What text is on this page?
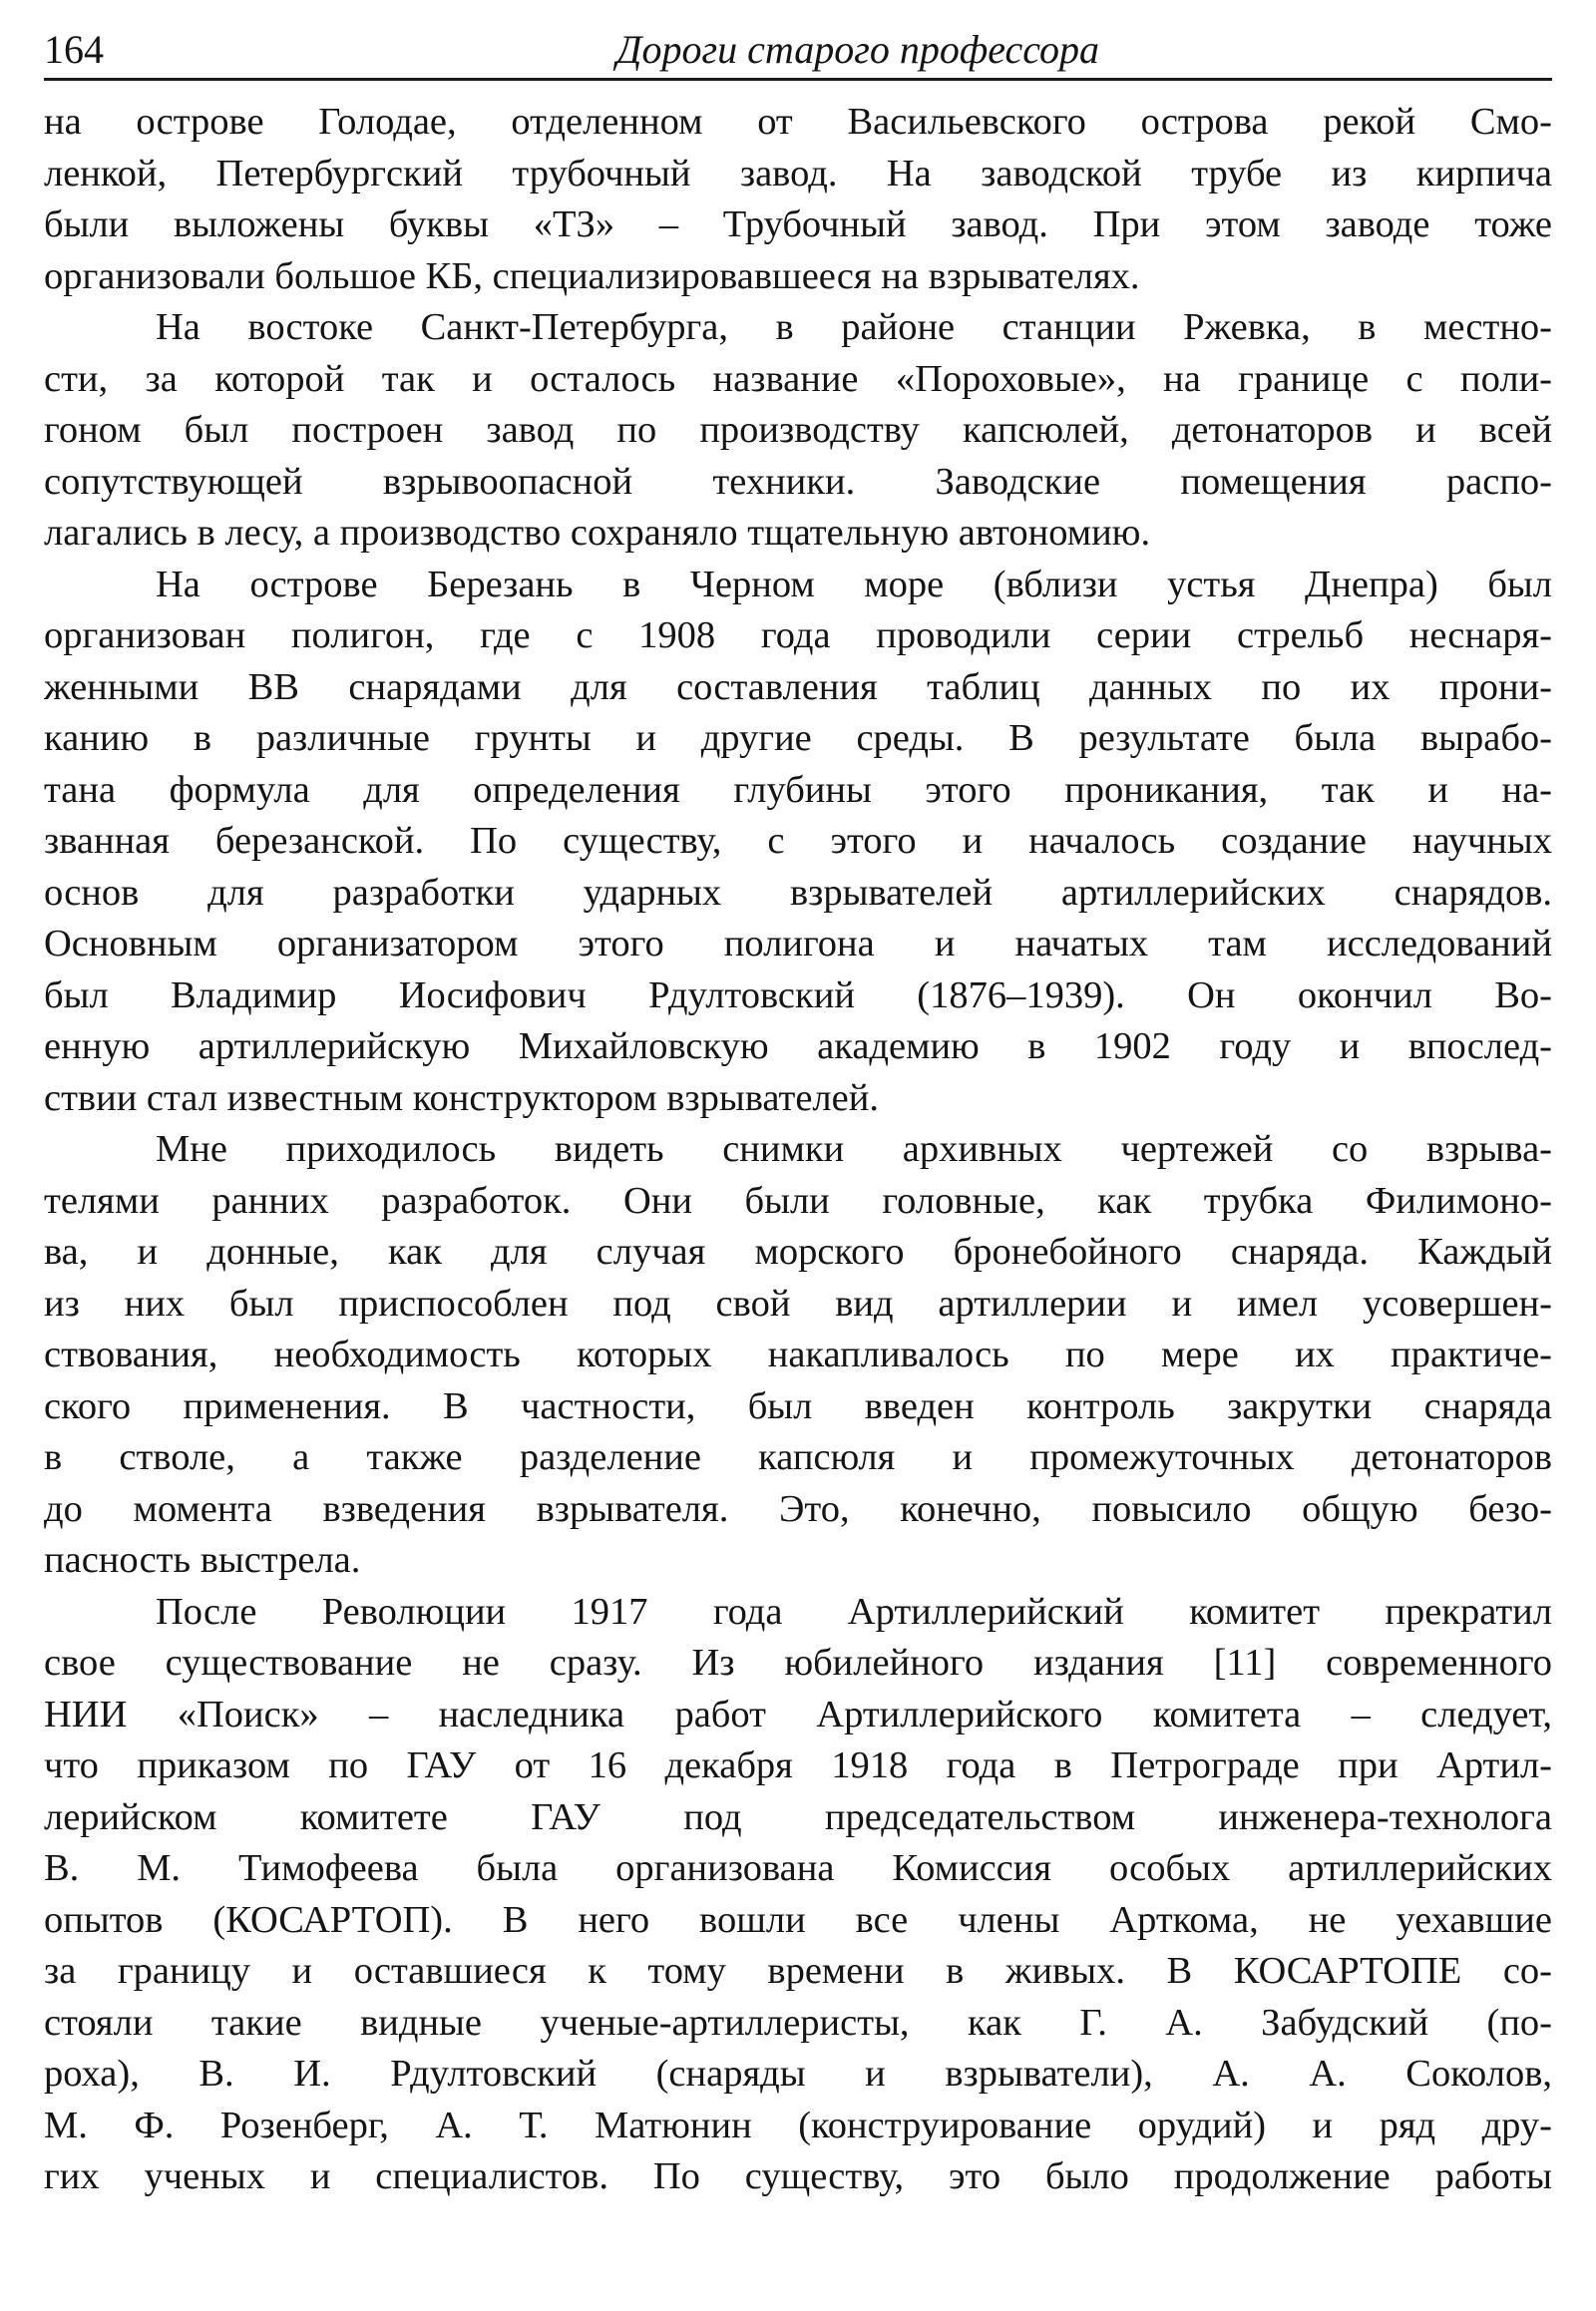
164	Дороги старого профессора
на острове Голодае, отделенном от Васильевского острова рекой Смо-
ленкой, Петербургский трубочный завод. На заводской трубе из кирпича
были выложены буквы «ТЗ» – Трубочный завод. При этом заводе тоже
организовали большое КБ, специализировавшееся на взрывателях.
На востоке Санкт-Петербурга, в районе станции Ржевка, в местно-
сти, за которой так и осталось название «Пороховые», на границе с поли-
гоном был построен завод по производству капсюлей, детонаторов и всей
сопутствующей взрывоопасной техники. Заводские помещения распо-
лагались в лесу, а производство сохраняло тщательную автономию.
На острове Березань в Черном море (вблизи устья Днепра) был
организован полигон, где с 1908 года проводили серии стрельб неснаря-
женными ВВ снарядами для составления таблиц данных по их прони-
канию в различные грунты и другие среды. В результате была вырабо-
тана формула для определения глубины этого проникания, так и на-
званная березанской. По существу, с этого и началось создание научных
основ для разработки ударных взрывателей артиллерийских снарядов.
Основным организатором этого полигона и начатых там исследований
был Владимир Иосифович Рдултовский (1876–1939). Он окончил Во-
енную артиллерийскую Михайловскую академию в 1902 году и впослед-
ствии стал известным конструктором взрывателей.
Мне приходилось видеть снимки архивных чертежей со взрыва-
телями ранних разработок. Они были головные, как трубка Филимоно-
ва, и донные, как для случая морского бронебойного снаряда. Каждый
из них был приспособлен под свой вид артиллерии и имел усовершен-
ствования, необходимость которых накапливалось по мере их практиче-
ского применения. В частности, был введен контроль закрутки снаряда
в стволе, а также разделение капсюля и промежуточных детонаторов
до момента взведения взрывателя. Это, конечно, повысило общую безо-
пасность выстрела.
После Революции 1917 года Артиллерийский комитет прекратил
свое существование не сразу. Из юбилейного издания [11] современного
НИИ «Поиск» – наследника работ Артиллерийского комитета – следует,
что приказом по ГАУ от 16 декабря 1918 года в Петрограде при Артил-
лерийском комитете ГАУ под председательством инженера-технолога
В. М. Тимофеева была организована Комиссия особых артиллерийских
опытов (КОСАРТОП). В него вошли все члены Арткома, не уехавшие
за границу и оставшиеся к тому времени в живых. В КОСАРТОПЕ со-
стояли такие видные ученые-артиллеристы, как Г. А. Забудский (по-
роха), В. И. Рдултовский (снаряды и взрыватели), А. А. Соколов,
М. Ф. Розенберг, А. Т. Матюнин (конструирование орудий) и ряд дру-
гих ученых и специалистов. По существу, это было продолжение работы
